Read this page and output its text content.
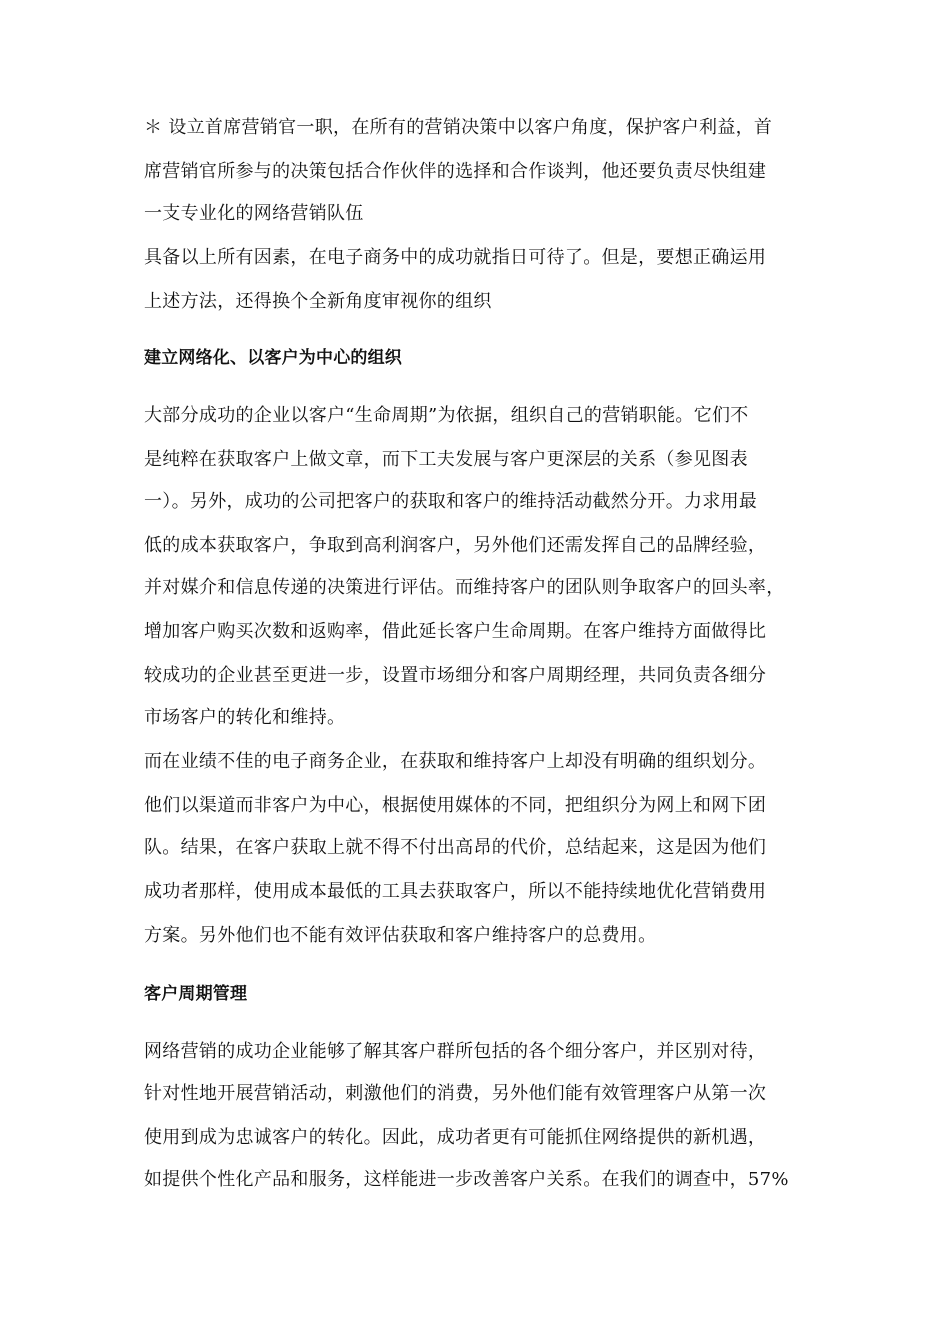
＊ 设立首席营销官一职，在所有的营销决策中以客户角度，保护客户利益，首
席营销官所参与的决策包括合作伙伴的选择和合作谈判，他还要负责尽快组建
一支专业化的网络营销队伍
具备以上所有因素，在电子商务中的成功就指日可待了。但是，要想正确运用
上述方法，还得换个全新角度审视你的组织
建立网络化、以客户为中心的组织
大部分成功的企业以客户“生命周期”为依据，组织自己的营销职能。它们不
是纯粹在获取客户上做文章，而下工夫发展与客户更深层的关系（参见图表
一）。另外，成功的公司把客户的获取和客户的维持活动截然分开。力求用最
低的成本获取客户，争取到高利润客户，另外他们还需发挥自己的品牌经验，
并对媒介和信息传递的决策进行评估。而维持客户的团队则争取客户的回头率，
增加客户购买次数和返购率，借此延长客户生命周期。在客户维持方面做得比
较成功的企业甚至更进一步，设置市场细分和客户周期经理，共同负责各细分
市场客户的转化和维持。
而在业绩不佳的电子商务企业，在获取和维持客户上却没有明确的组织划分。
他们以渠道而非客户为中心，根据使用媒体的不同，把组织分为网上和网下团
队。结果，在客户获取上就不得不付出高昂的代价，总结起来，这是因为他们
成功者那样，使用成本最低的工具去获取客户，所以不能持续地优化营销费用
方案。另外他们也不能有效评估获取和客户维持客户的总费用。
客户周期管理
网络营销的成功企业能够了解其客户群所包括的各个细分客户，并区别对待，
针对性地开展营销活动，刺激他们的消费，另外他们能有效管理客户从第一次
使用到成为忠诚客户的转化。因此，成功者更有可能抓住网络提供的新机遇，
如提供个性化产品和服务，这样能进一步改善客户关系。在我们的调查中，57%
